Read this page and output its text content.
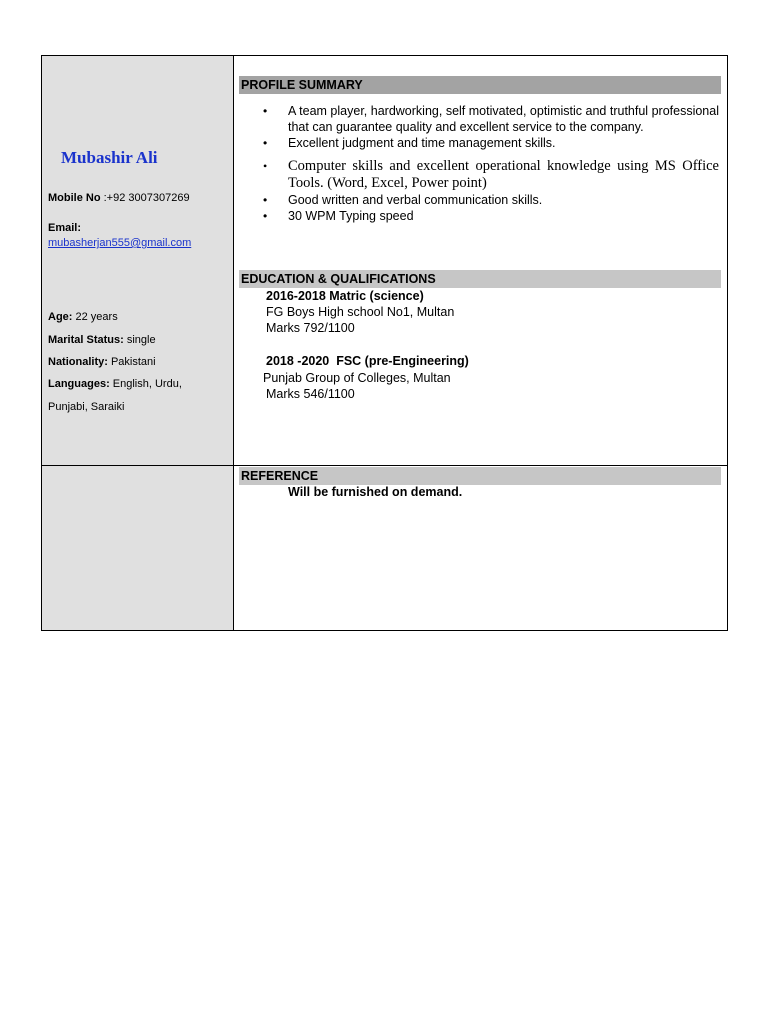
Mubashir Ali
Mobile No :+92 3007307269
Email:
mubasherjan555@gmail.com
Age: 22 years
Marital Status: single
Nationality: Pakistani
Languages: English, Urdu,
Punjabi, Saraiki
PROFILE SUMMARY
• A team player, hardworking, self motivated, optimistic and truthful professional that can guarantee quality and excellent service to the company.
• Excellent judgment and time management skills.
• Computer skills and excellent operational knowledge using MS Office Tools. (Word, Excel, Power point)
• Good written and verbal communication skills.
• 30 WPM Typing speed
EDUCATION & QUALIFICATIONS
2016-2018 Matric (science)
FG Boys High school No1, Multan
Marks 792/1100
2018 -2020  FSC (pre-Engineering)
Punjab Group of Colleges, Multan
Marks 546/1100
REFERENCE
Will be furnished on demand.
